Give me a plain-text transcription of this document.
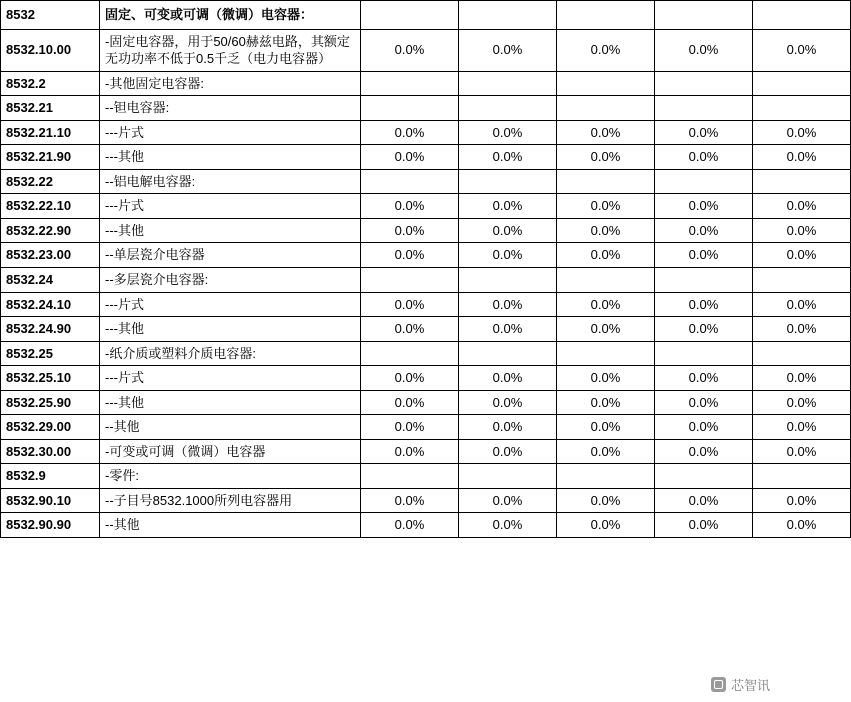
8532	固定、可变或可调（微调）电容器：					
8532.10.00	-固定电容器，用于50/60赫兹电路，其额定无功功率不低于0.5千乏（电力电容器）	0.0%	0.0%	0.0%	0.0%	0.0%
8532.2	-其他固定电容器:					
8532.21	--钽电容器:					
8532.21.10	---片式	0.0%	0.0%	0.0%	0.0%	0.0%
8532.21.90	---其他	0.0%	0.0%	0.0%	0.0%	0.0%
8532.22	--铝电解电容器:					
8532.22.10	---片式	0.0%	0.0%	0.0%	0.0%	0.0%
8532.22.90	---其他	0.0%	0.0%	0.0%	0.0%	0.0%
8532.23.00	--单层瓷介电容器	0.0%	0.0%	0.0%	0.0%	0.0%
8532.24	--多层瓷介电容器:					
8532.24.10	---片式	0.0%	0.0%	0.0%	0.0%	0.0%
8532.24.90	---其他	0.0%	0.0%	0.0%	0.0%	0.0%
8532.25	-纸介质或塑料介质电容器:					
8532.25.10	---片式	0.0%	0.0%	0.0%	0.0%	0.0%
8532.25.90	---其他	0.0%	0.0%	0.0%	0.0%	0.0%
8532.29.00	--其他	0.0%	0.0%	0.0%	0.0%	0.0%
8532.30.00	-可变或可调（微调）电容器	0.0%	0.0%	0.0%	0.0%	0.0%
8532.9	-零件:					
8532.90.10	--子目号8532.1000所列电容器用	0.0%	0.0%	0.0%	0.0%	0.0%
8532.90.90	--其他	0.0%	0.0%	0.0%	0.0%	0.0%
芯智讯
